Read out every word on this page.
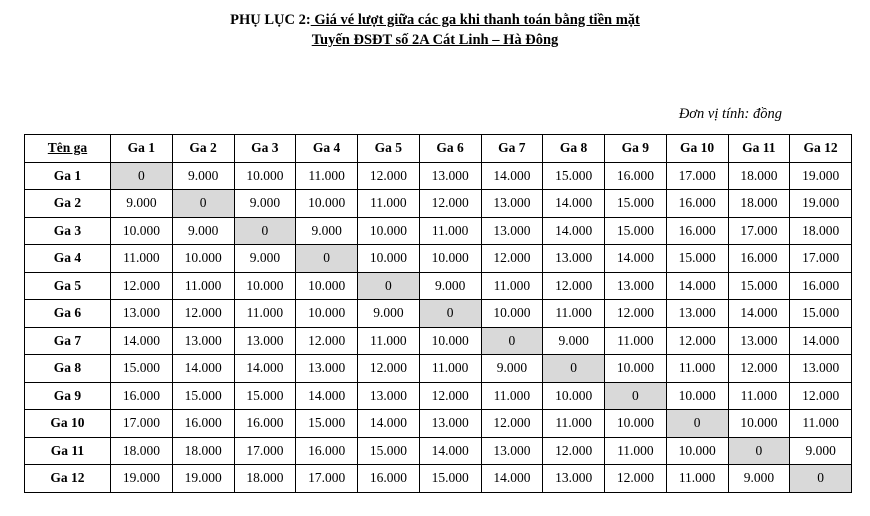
PHỤ LỤC 2: Giá vé lượt giữa các ga khi thanh toán bằng tiền mặt
Tuyến ĐSĐT số 2A Cát Linh – Hà Đông
Đơn vị tính: đồng
Tên ga	Ga 1	Ga 2	Ga 3	Ga 4	Ga 5	Ga 6	Ga 7	Ga 8	Ga 9	Ga 10	Ga 11	Ga 12
Ga 1	0	9.000	10.000	11.000	12.000	13.000	14.000	15.000	16.000	17.000	18.000	19.000
Ga 2	9.000	0	9.000	10.000	11.000	12.000	13.000	14.000	15.000	16.000	18.000	19.000
Ga 3	10.000	9.000	0	9.000	10.000	11.000	13.000	14.000	15.000	16.000	17.000	18.000
Ga 4	11.000	10.000	9.000	0	10.000	10.000	12.000	13.000	14.000	15.000	16.000	17.000
Ga 5	12.000	11.000	10.000	10.000	0	9.000	11.000	12.000	13.000	14.000	15.000	16.000
Ga 6	13.000	12.000	11.000	10.000	9.000	0	10.000	11.000	12.000	13.000	14.000	15.000
Ga 7	14.000	13.000	13.000	12.000	11.000	10.000	0	9.000	11.000	12.000	13.000	14.000
Ga 8	15.000	14.000	14.000	13.000	12.000	11.000	9.000	0	10.000	11.000	12.000	13.000
Ga 9	16.000	15.000	15.000	14.000	13.000	12.000	11.000	10.000	0	10.000	11.000	12.000
Ga 10	17.000	16.000	16.000	15.000	14.000	13.000	12.000	11.000	10.000	0	10.000	11.000
Ga 11	18.000	18.000	17.000	16.000	15.000	14.000	13.000	12.000	11.000	10.000	0	9.000
Ga 12	19.000	19.000	18.000	17.000	16.000	15.000	14.000	13.000	12.000	11.000	9.000	0
